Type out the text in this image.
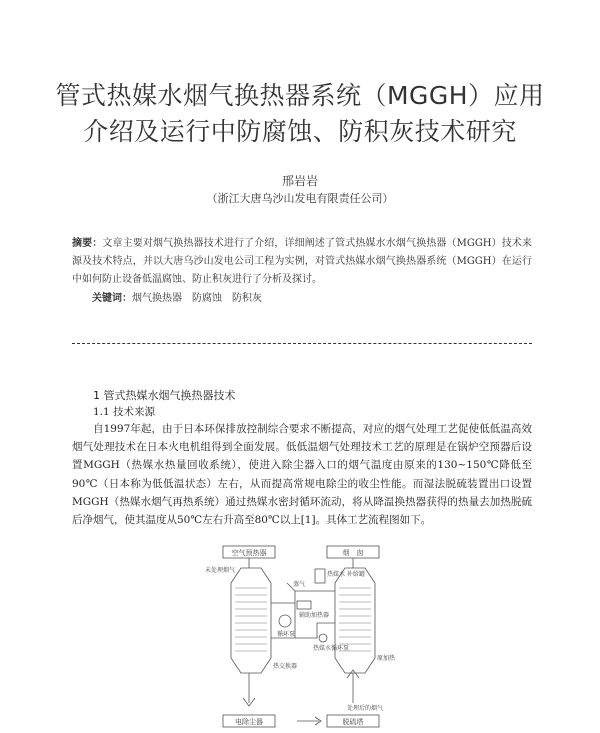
管式热媒水烟气换热器系统（MGGH）应用
介绍及运行中防腐蚀、防积灰技术研究
邢岩岩
（浙江大唐乌沙山发电有限责任公司）
摘要：文章主要对烟气换热器技术进行了介绍，详细阐述了管式热媒水水烟气换热器（MGGH）技术来源及技术特点，并以大唐乌沙山发电公司工程为实例，对管式热媒水烟气换热器系统（MGGH）在运行中如何防止设备低温腐蚀、防止积灰进行了分析及探讨。
关键词：烟气换热器　防腐蚀　防积灰
1 管式热媒水烟气换热器技术
1.1 技术来源

自1997年起，由于日本环保排放控制综合要求不断提高，对应的烟气处理工艺促使低低温高效烟气处理技术在日本火电机组得到全面发展。低低温烟气处理技术工艺的原理是在锅炉空预器后设置MGGH（热媒水热量回收系统），使进入除尘器入口的烟气温度由原来的130~150℃降低至90℃（日本称为低低温状态）左右，从而提高常规电除尘的收尘性能。而湿法脱硫装置出口设置MGGH（热媒水烟气再热系统）通过热媒水密封循环流动，将从降温换热器获得的热量去加热脱硫后净烟气，使其温度从50℃左右升高至80℃以上[1]。具体工艺流程图如下。

空气预热器	烟　囱
电除尘器	脱硫塔
未处理烟气
蒸气
热媒水 补给罐
辅助加热器
循环泵
热交换器
热媒水循环泵
原加热
处理后的烟气
